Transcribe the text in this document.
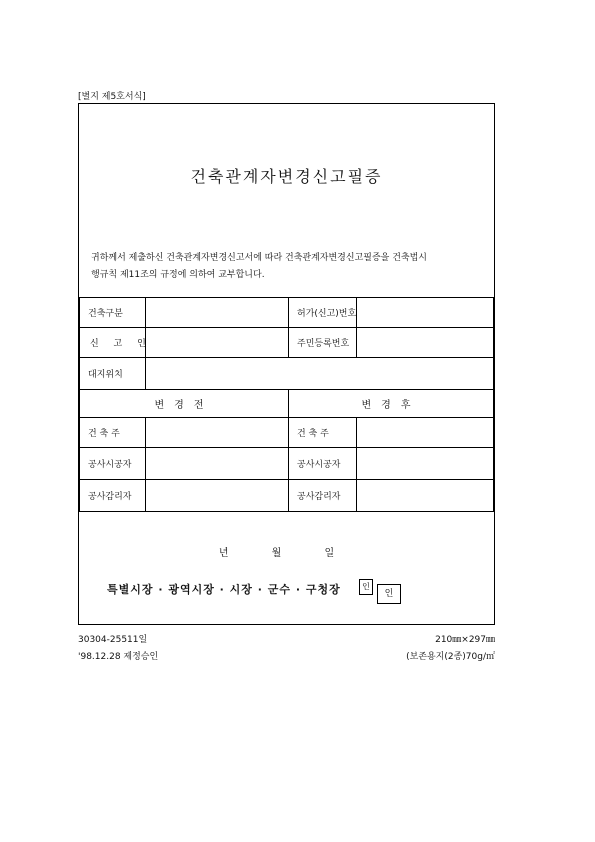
[별지 제5호서식]
건축관계자변경신고필증

귀하께서 제출하신 건축관계자변경신고서에 따라 건축관계자변경신고필증을 건축법시

행규칙 제11조의 규정에 의하여 교부합니다.

건축구분		허가(신고)번호	
신 고 인		주민등록번호	
대지위치			
변경전		변경후	
건 축 주		건 축 주	
공사시공자		공사시공자	
공사감리자		공사감리자	
년 월 일
특별시장 · 광역시장 · 시장 · 군수 · 구청장	인
인
30304-25511일
'98.12.28 제정승인
210㎜×297㎜
(보존용지(2종)70g/㎡
